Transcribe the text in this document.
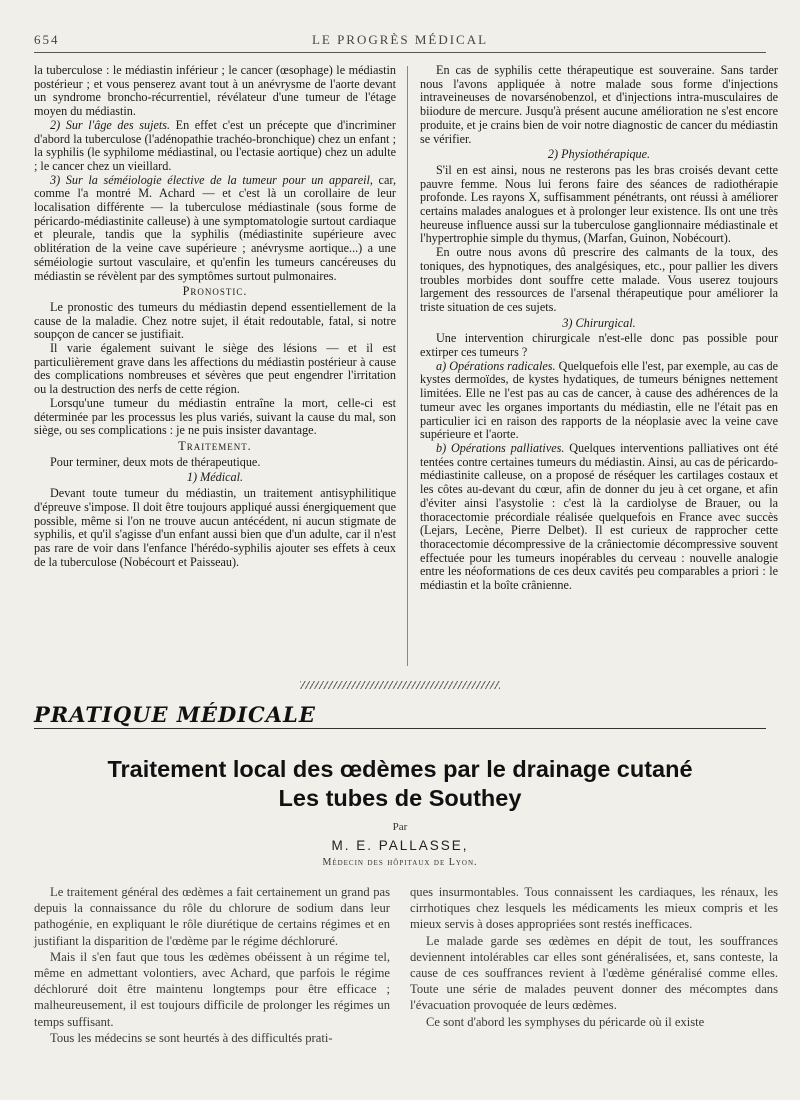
654	LE PROGRÈS MÉDICAL

la tuberculose : le médiastin inférieur ; le cancer (œsophage) le médiastin postérieur ; et vous penserez avant tout à un anévrysme de l'aorte devant un syndrome broncho-récurrentiel, révélateur d'une tumeur de l'étage moyen du médiastin.

2) Sur l'âge des sujets. En effet c'est un précepte que d'incriminer d'abord la tuberculose (l'adénopathie trachéo-bronchique) chez un enfant ; la syphilis (le syphilome médiastinal, ou l'ectasie aortique) chez un adulte ; le cancer chez un vieillard.

3) Sur la séméiologie élective de la tumeur pour un appareil, car, comme l'a montré M. Achard — et c'est là un corollaire de leur localisation différente — la tuberculose médiastinale (sous forme de péricardo-médiastinite calleuse) à une symptomatologie surtout cardiaque et pleurale, tandis que la syphilis (médiastinite supérieure avec oblitération de la veine cave supérieure ; anévrysme aortique...) a une séméiologie surtout vasculaire, et qu'enfin les tumeurs cancéreuses du médiastin se révèlent par des symptômes surtout pulmonaires.

Pronostic.

Le pronostic des tumeurs du médiastin depend essentiellement de la cause de la maladie. Chez notre sujet, il était redoutable, fatal, si notre soupçon de cancer se justifiait.

Il varie également suivant le siège des lésions — et il est particulièrement grave dans les affections du médiastin postérieur à cause des complications nombreuses et sévères que peut engendrer l'irritation ou la destruction des nerfs de cette région.

Lorsqu'une tumeur du médiastin entraîne la mort, celle-ci est déterminée par les processus les plus variés, suivant la cause du mal, son siège, ou ses complications : je ne puis insister davantage.

Traitement.

Pour terminer, deux mots de thérapeutique.

1) Médical.

Devant toute tumeur du médiastin, un traitement antisyphilitique d'épreuve s'impose. Il doit être toujours appliqué aussi énergiquement que possible, même si l'on ne trouve aucun antécédent, ni aucun stigmate de syphilis, et qu'il s'agisse d'un enfant aussi bien que d'un adulte, car il n'est pas rare de voir dans l'enfance l'hérédo-syphilis ajouter ses effets à ceux de la tuberculose (Nobécourt et Paisseau).

En cas de syphilis cette thérapeutique est souveraine. Sans tarder nous l'avons appliquée à notre malade sous forme d'injections intraveineuses de novarsénobenzol, et d'injections intra-musculaires de biiodure de mercure. Jusqu'à présent aucune amélioration ne s'est encore produite, et je crains bien de voir notre diagnostic de cancer du médiastin se vérifier.

2) Physiothérapique.

S'il en est ainsi, nous ne resterons pas les bras croisés devant cette pauvre femme. Nous lui ferons faire des séances de radiothérapie profonde. Les rayons X, suffisamment pénétrants, ont réussi à améliorer certains malades analogues et à prolonger leur existence. Ils ont une très heureuse influence aussi sur la tuberculose ganglionnaire médiastinale et l'hypertrophie simple du thymus, (Marfan, Guinon, Nobécourt).

En outre nous avons dû prescrire des calmants de la toux, des toniques, des hypnotiques, des analgésiques, etc., pour pallier les divers troubles morbides dont souffre cette malade. Vous userez toujours largement des ressources de l'arsenal thérapeutique pour améliorer la triste situation de ces sujets.

3) Chirurgical.

Une intervention chirurgicale n'est-elle donc pas possible pour extirper ces tumeurs ?

a) Opérations radicales. Quelquefois elle l'est, par exemple, au cas de kystes dermoïdes, de kystes hydatiques, de tumeurs bénignes nettement limitées. Elle ne l'est pas au cas de cancer, à cause des adhérences de la tumeur avec les organes importants du médiastin, elle ne l'était pas en particulier ici en raison des rapports de la néoplasie avec la veine cave supérieure et l'aorte.

b) Opérations palliatives. Quelques interventions palliatives ont été tentées contre certaines tumeurs du médiastin. Ainsi, au cas de péricardo-médiastinite calleuse, on a proposé de réséquer les cartilages costaux et les côtes au-devant du cœur, afin de donner du jeu à cet organe, et afin d'éviter ainsi l'asystolie : c'est là la cardiolyse de Brauer, ou la thoracectomie précordiale réalisée quelquefois en France avec succès (Lejars, Lecène, Pierre Delbet). Il est curieux de rapprocher cette thoracectomie décompressive de la crâniectomie décompressive souvent effectuée pour les tumeurs inopérables du cerveau : nouvelle analogie entre les néoformations de ces deux cavités peu comparables a priori : le médiastin et la boîte crânienne.

PRATIQUE MÉDICALE
Traitement local des œdèmes par le drainage cutané
Les tubes de Southey
Par
M. E. PALLASSE,
Médecin des hôpitaux de Lyon.

Le traitement général des œdèmes a fait certainement un grand pas depuis la connaissance du rôle du chlorure de sodium dans leur pathogénie, en expliquant le rôle diurétique de certains régimes et en justifiant la disparition de l'œdème par le régime déchloruré.

Mais il s'en faut que tous les œdèmes obéissent à un régime tel, même en admettant volontiers, avec Achard, que parfois le régime déchloruré doit être maintenu longtemps pour être efficace ; malheureusement, il est toujours difficile de prolonger les régimes un temps suffisant.

Tous les médecins se sont heurtés à des difficultés prati-

ques insurmontables. Tous connaissent les cardiaques, les rénaux, les cirrhotiques chez lesquels les médicaments les mieux compris et les mieux servis à doses appropriées sont restés inefficaces.

Le malade garde ses œdèmes en dépit de tout, les souffrances deviennent intolérables car elles sont généralisées, et, sans conteste, la cause de ces souffrances revient à l'œdème généralisé comme elles. Toute une série de malades peuvent donner des mécomptes dans l'évacuation provoquée de leurs œdèmes.

Ce sont d'abord les symphyses du péricarde où il existe
